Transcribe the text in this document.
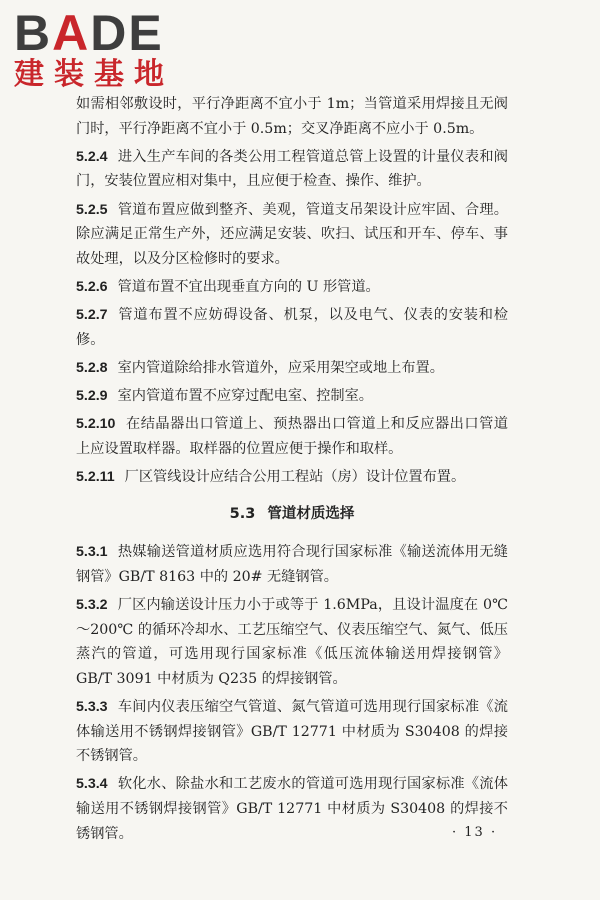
BADE
建装基地

如需相邻敷设时，平行净距离不宜小于 1m；当管道采用焊接且无阀门时，平行净距离不宜小于 0.5m；交叉净距离不应小于 0.5m。

5.2.4 进入生产车间的各类公用工程管道总管上设置的计量仪表和阀门，安装位置应相对集中，且应便于检查、操作、维护。

5.2.5 管道布置应做到整齐、美观，管道支吊架设计应牢固、合理。除应满足正常生产外，还应满足安装、吹扫、试压和开车、停车、事故处理，以及分区检修时的要求。

5.2.6 管道布置不宜出现垂直方向的 U 形管道。

5.2.7 管道布置不应妨碍设备、机泵，以及电气、仪表的安装和检修。

5.2.8 室内管道除给排水管道外，应采用架空或地上布置。

5.2.9 室内管道布置不应穿过配电室、控制室。

5.2.10 在结晶器出口管道上、预热器出口管道上和反应器出口管道上应设置取样器。取样器的位置应便于操作和取样。

5.2.11 厂区管线设计应结合公用工程站（房）设计位置布置。

5.3 管道材质选择

5.3.1 热媒输送管道材质应选用符合现行国家标准《输送流体用无缝钢管》GB/T 8163 中的 20# 无缝钢管。

5.3.2 厂区内输送设计压力小于或等于 1.6MPa，且设计温度在 0℃～200℃ 的循环冷却水、工艺压缩空气、仪表压缩空气、氮气、低压蒸汽的管道，可选用现行国家标准《低压流体输送用焊接钢管》GB/T 3091 中材质为 Q235 的焊接钢管。

5.3.3 车间内仪表压缩空气管道、氮气管道可选用现行国家标准《流体输送用不锈钢焊接钢管》GB/T 12771 中材质为 S30408 的焊接不锈钢管。

5.3.4 软化水、除盐水和工艺废水的管道可选用现行国家标准《流体输送用不锈钢焊接钢管》GB/T 12771 中材质为 S30408 的焊接不锈钢管。	· 13 ·
